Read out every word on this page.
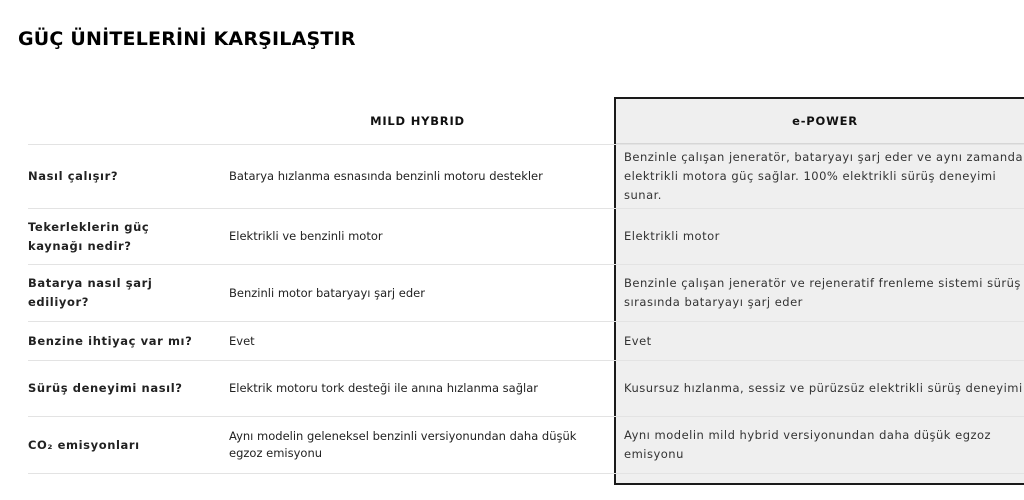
GÜÇ ÜNİTELERİNİ KARŞILAŞTIR
	MILD HYBRID	e-POWER
Nasıl çalışır?	Batarya hızlanma esnasında benzinli motoru destekler	Benzinle çalışan jeneratör, bataryayı şarj eder ve aynı zamanda elektrikli motora güç sağlar. 100% elektrikli sürüş deneyimi sunar.
Tekerleklerin güç kaynağı nedir?	Elektrikli ve benzinli motor	Elektrikli motor
Batarya nasıl şarj ediliyor?	Benzinli motor bataryayı şarj eder	Benzinle çalışan jeneratör ve rejeneratif frenleme sistemi sürüş sırasında bataryayı şarj eder
Benzine ihtiyaç var mı?	Evet	Evet
Sürüş deneyimi nasıl?	Elektrik motoru tork desteği ile anına hızlanma sağlar	Kusursuz hızlanma, sessiz ve pürüzsüz elektrikli sürüş deneyimi
CO₂ emisyonları	Aynı modelin geleneksel benzinli versiyonundan daha düşük egzoz emisyonu	Aynı modelin mild hybrid versiyonundan daha düşük egzoz emisyonu
